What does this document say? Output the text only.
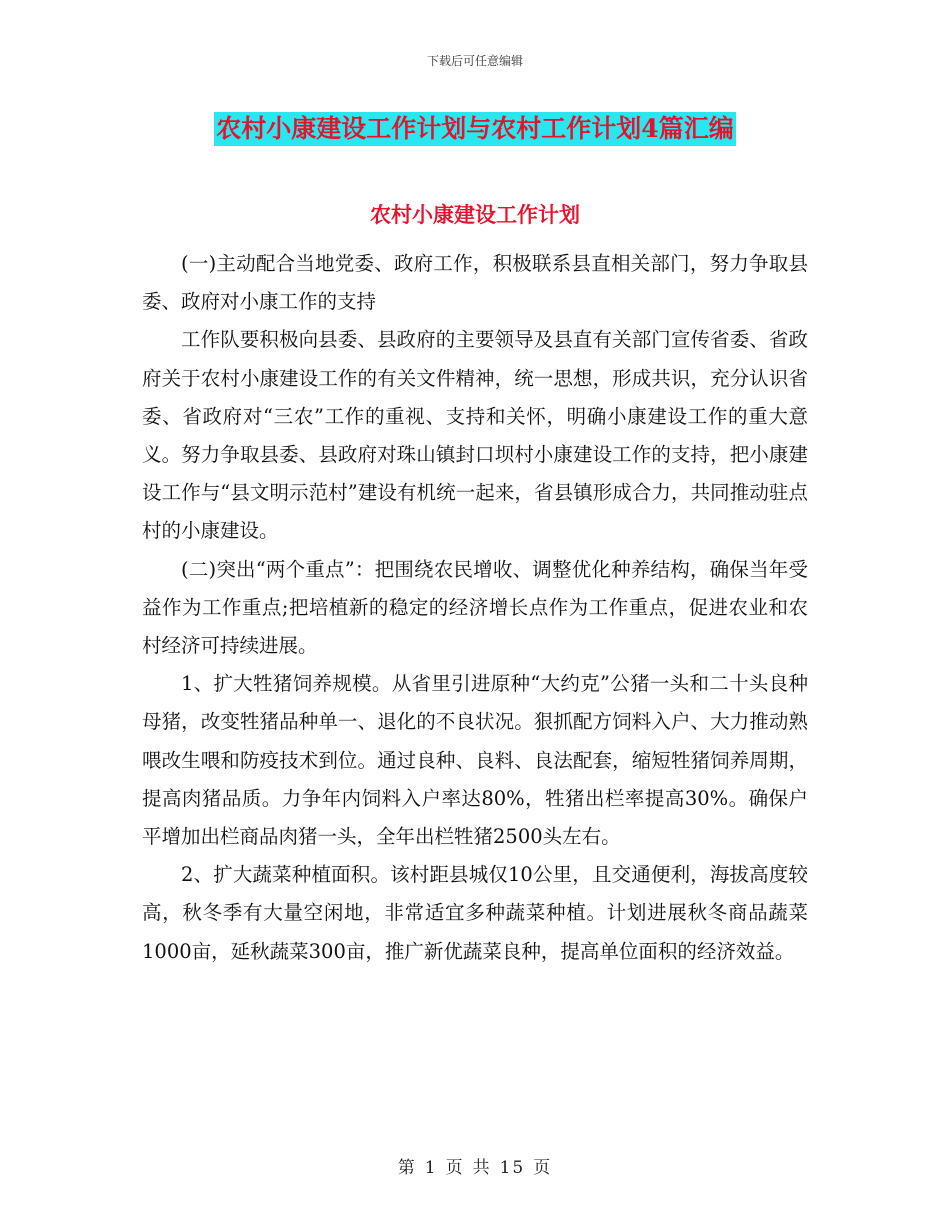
下载后可任意编辑
农村小康建设工作计划与农村工作计划4篇汇编
农村小康建设工作计划

(一)主动配合当地党委、政府工作，积极联系县直相关部门，努力争取县委、政府对小康工作的支持

工作队要积极向县委、县政府的主要领导及县直有关部门宣传省委、省政府关于农村小康建设工作的有关文件精神，统一思想，形成共识，充分认识省委、省政府对“三农”工作的重视、支持和关怀，明确小康建设工作的重大意义。努力争取县委、县政府对珠山镇封口坝村小康建设工作的支持，把小康建设工作与“县文明示范村”建设有机统一起来，省县镇形成合力，共同推动驻点村的小康建设。

(二)突出“两个重点”：把围绕农民增收、调整优化种养结构，确保当年受益作为工作重点;把培植新的稳定的经济增长点作为工作重点，促进农业和农村经济可持续进展。

1、扩大牲猪饲养规模。从省里引进原种“大约克”公猪一头和二十头良种母猪，改变牲猪品种单一、退化的不良状况。狠抓配方饲料入户、大力推动熟喂改生喂和防疫技术到位。通过良种、良料、良法配套，缩短牲猪饲养周期，提高肉猪品质。力争年内饲料入户率达80%，牲猪出栏率提高30%。确保户平增加出栏商品肉猪一头，全年出栏牲猪2500头左右。

2、扩大蔬菜种植面积。该村距县城仅10公里，且交通便利，海拔高度较高，秋冬季有大量空闲地，非常适宜多种蔬菜种植。计划进展秋冬商品蔬菜1000亩，延秋蔬菜300亩，推广新优蔬菜良种，提高单位面积的经济效益。

第 1 页 共 15 页
